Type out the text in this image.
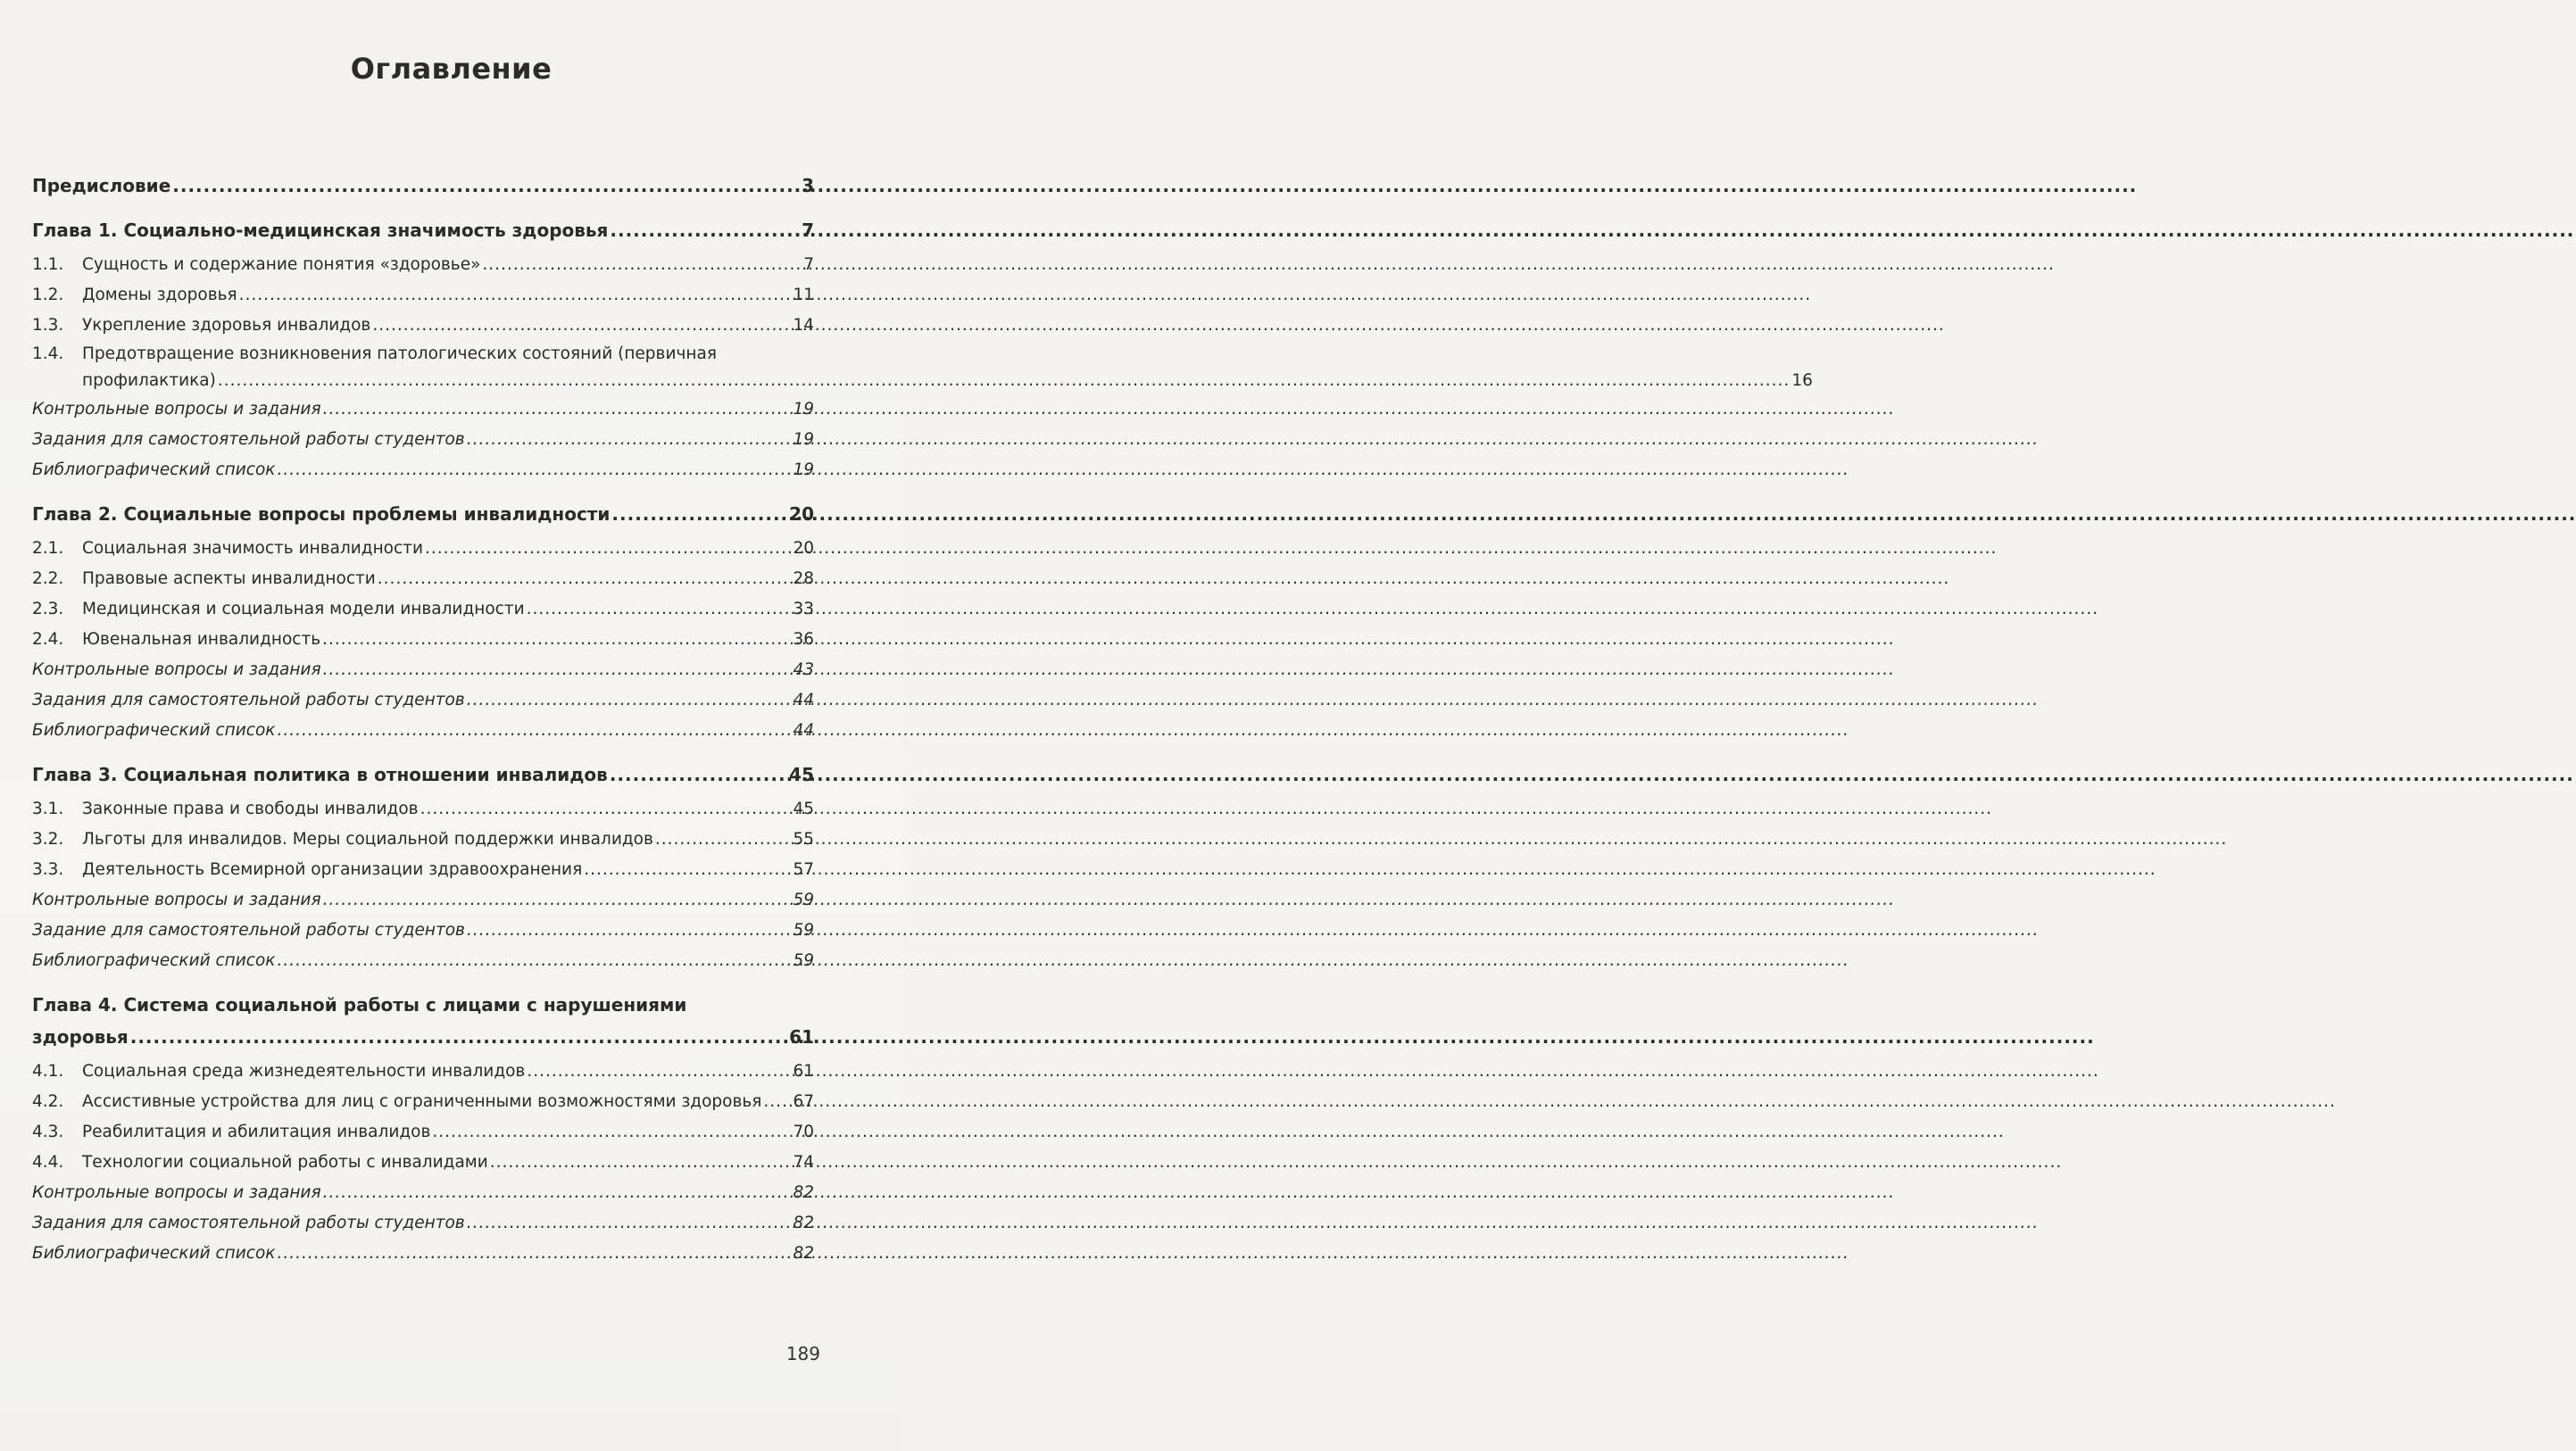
Оглавление
Предисловие .....	3
Глава 1. Социально-медицинская значимость здоровья .....	7
1.1.	Сущность и содержание понятия «здоровье» .....	7
1.2.	Домены здоровья .....	11
1.3.	Укрепление здоровья инвалидов .....	14
1.4.	Предотвращение возникновения патологических состояний (первичная
профилактика) .....	16
Контрольные вопросы и задания .....	19
Задания для самостоятельной работы студентов .....	19
Библиографический список .....	19
Глава 2. Социальные вопросы проблемы инвалидности .....	20
2.1.	Социальная значимость инвалидности .....	20
2.2.	Правовые аспекты инвалидности .....	28
2.3.	Медицинская и социальная модели инвалидности .....	33
2.4.	Ювенальная инвалидность .....	36
Контрольные вопросы и задания .....	43
Задания для самостоятельной работы студентов .....	44
Библиографический список .....	44
Глава 3. Социальная политика в отношении инвалидов .....	45
3.1.	Законные права и свободы инвалидов .....	45
3.2.	Льготы для инвалидов. Меры социальной поддержки инвалидов .....	55
3.3.	Деятельность Всемирной организации здравоохранения .....	57
Контрольные вопросы и задания .....	59
Задание для самостоятельной работы студентов .....	59
Библиографический список .....	59
Глава 4. Система социальной работы с лицами с нарушениями
здоровья .....	61
4.1.	Социальная среда жизнедеятельности инвалидов .....	61
4.2.	Ассистивные устройства для лиц с ограниченными возможностями здоровья ..... 67
4.3.	Реабилитация и абилитация инвалидов .....	70
4.4.	Технологии социальной работы с инвалидами .....	74
Контрольные вопросы и задания .....	82
Задания для самостоятельной работы студентов .....	82
Библиографический список .....	82
189
